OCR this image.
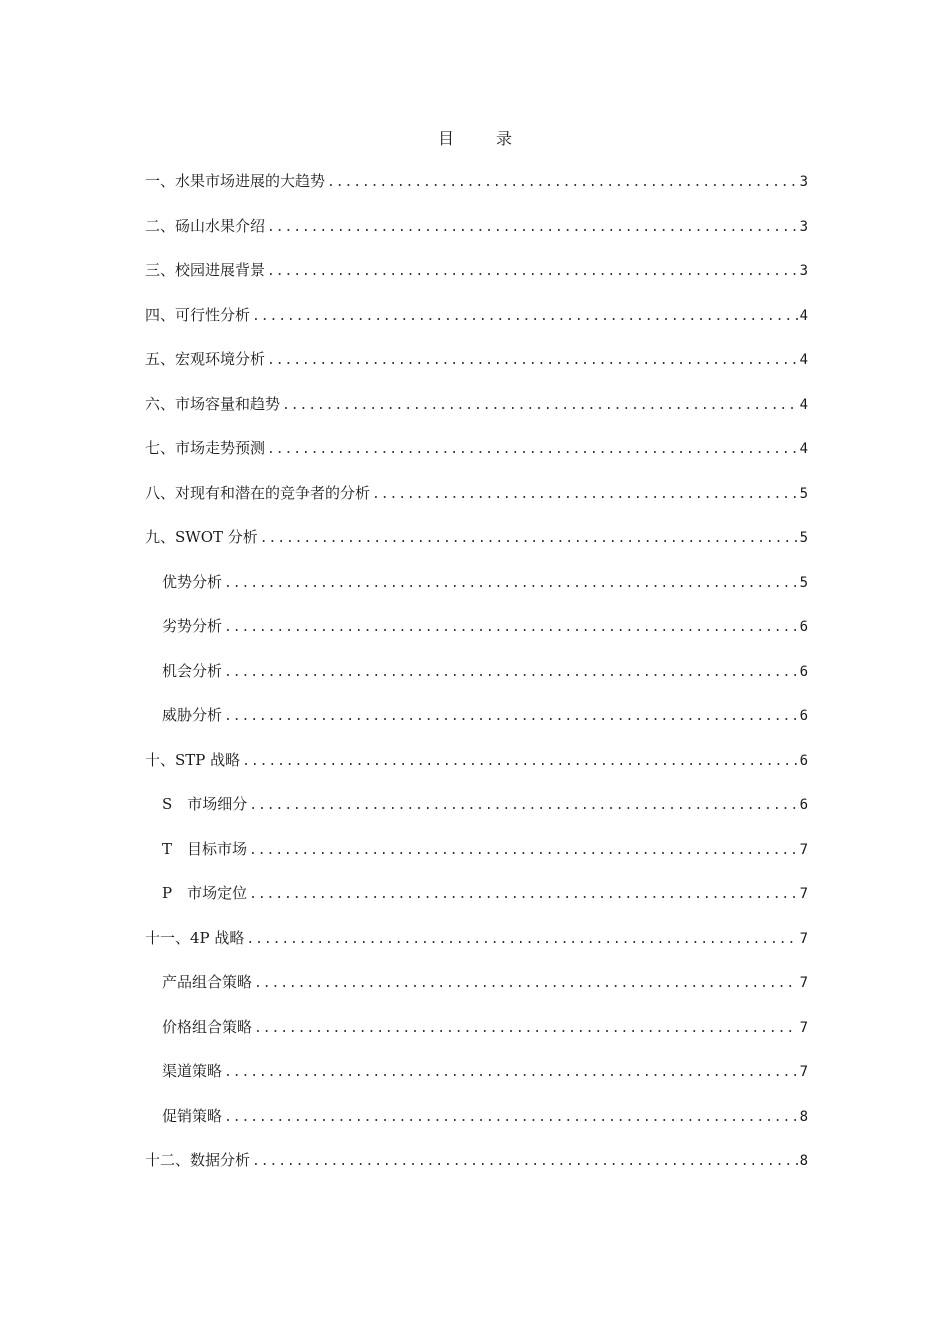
目	录
一、水果市场进展的大趋势 .....	3
二、砀山水果介绍 .....	3
三、校园进展背景 .....	3
四、可行性分析 .....	4
五、宏观环境分析 .....	4
六、市场容量和趋势 .....	4
七、市场走势预测 .....	4
八、对现有和潜在的竞争者的分析 .....	5
九、SWOT 分析 .....	5
优势分析 .....	5
劣势分析 .....	6
机会分析 .....	6
威胁分析 .....	6
十、STP 战略 .....	6
S　市场细分 .....	6
T　目标市场 .....	7
P　市场定位 .....	7
十一、4P 战略 .....	7
产品组合策略 .....	7
价格组合策略 .....	7
渠道策略 .....	7
促销策略 .....	8
十二、数据分析 .....	8
